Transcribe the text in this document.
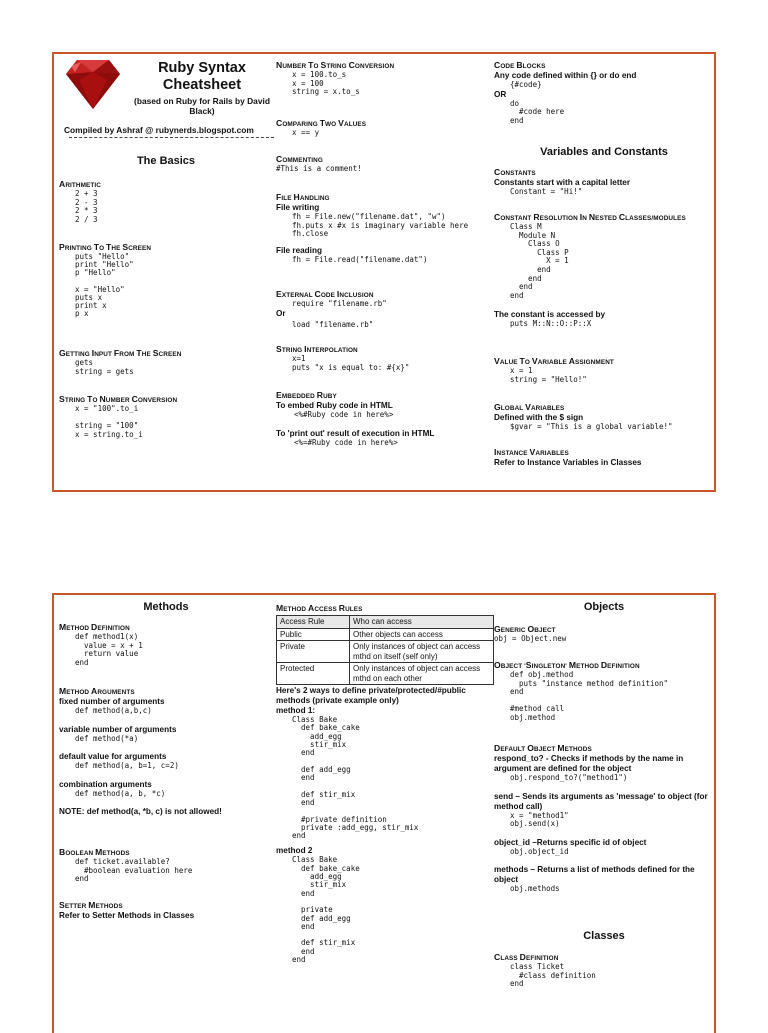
Ruby Syntax
Cheatsheet
(based on Ruby for Rails by David Black)
Compiled by Ashraf @ rubynerds.blogspot.com
The Basics
ARITHMETIC
2 + 3
2 - 3
2 * 3
2 / 3
PRINTING TO THE SCREEN
puts "Hello"
print "Hello"
p "Hello"

x = "Hello"
puts x
print x
p x
GETTING INPUT FROM THE SCREEN
gets
string = gets
STRING TO NUMBER CONVERSION
x = "100".to_i

string = "100"
x = string.to_i
NUMBER TO STRING CONVERSION
x = 100.to_s
x = 100
string = x.to_s
COMPARING TWO VALUES
x == y
COMMENTING
#This is a comment!
FILE HANDLING
File writing
fh = File.new("filename.dat", "w")
fh.puts x #x is imaginary variable here
fh.close
File reading
fh = File.read("filename.dat")
EXTERNAL CODE INCLUSION
require "filename.rb"
Or
load "filename.rb"
STRING INTERPOLATION
x=1
puts "x is equal to: #{x}"
EMBEDDED RUBY
To embed Ruby code in HTML
<%#Ruby code in here%>
To 'print out' result of execution in HTML
<%=#Ruby code in here%>
CODE BLOCKS
Any code defined within {} or do end
{#code}
OR
do
#code here
end
Variables and Constants
CONSTANTS
Constants start with a capital letter
Constant = "Hi!"
CONSTANT RESOLUTION IN NESTED CLASSES/MODULES
Class M
Module N
Class O
Class P
X = 1
end
end
end
end
The constant is accessed by
puts M::N::O::P::X
VALUE TO VARIABLE ASSIGNMENT
x = 1
string = "Hello!"
GLOBAL VARIABLES
Defined with the $ sign
$gvar = "This is a global variable!"
INSTANCE VARIABLES
Refer to Instance Variables in Classes
Methods
METHOD DEFINITION
def method1(x)
value = x + 1
return value
end
METHOD ARGUMENTS
fixed number of arguments
def method(a,b,c)
variable number of arguments
def method(*a)
default value for arguments
def method(a, b=1, c=2)
combination arguments
def method(a, b, *c)
NOTE: def method(a, *b, c) is not allowed!
BOOLEAN METHODS
def ticket.available?
#boolean evaluation here
end
SETTER METHODS
Refer to Setter Methods in Classes
METHOD ACCESS RULES
Access Rule	Who can access
Public	Other objects can access
Private	Only instances of object can access mthd on itself (self only)
Protected	Only instances of object can access mthd on each other
Here's 2 ways to define private/protected/#public methods (private example only)
method 1:
Class Bake
def bake_cake
add_egg
stir_mix
end

def add_egg
end

def stir_mix
end

#private definition
private :add_egg, stir_mix
end
method 2
Class Bake
def bake_cake
add_egg
stir_mix
end

private
def add_egg
end

def stir_mix
end
end
Objects
GENERIC OBJECT
obj = Object.new
OBJECT 'SINGLETON' METHOD DEFINITION
def obj.method
puts "instance method definition"
end

#method call
obj.method
DEFAULT OBJECT METHODS
respond_to? - Checks if methods by the name in argument are defined for the object
obj.respond_to?("method1")
send – Sends its arguments as 'message' to object (for method call)
x = "method1"
obj.send(x)
object_id –Returns specific id of object
obj.object_id
methods – Returns a list of methods defined for the object
obj.methods
Classes
CLASS DEFINITION
class Ticket
#class definition
end
